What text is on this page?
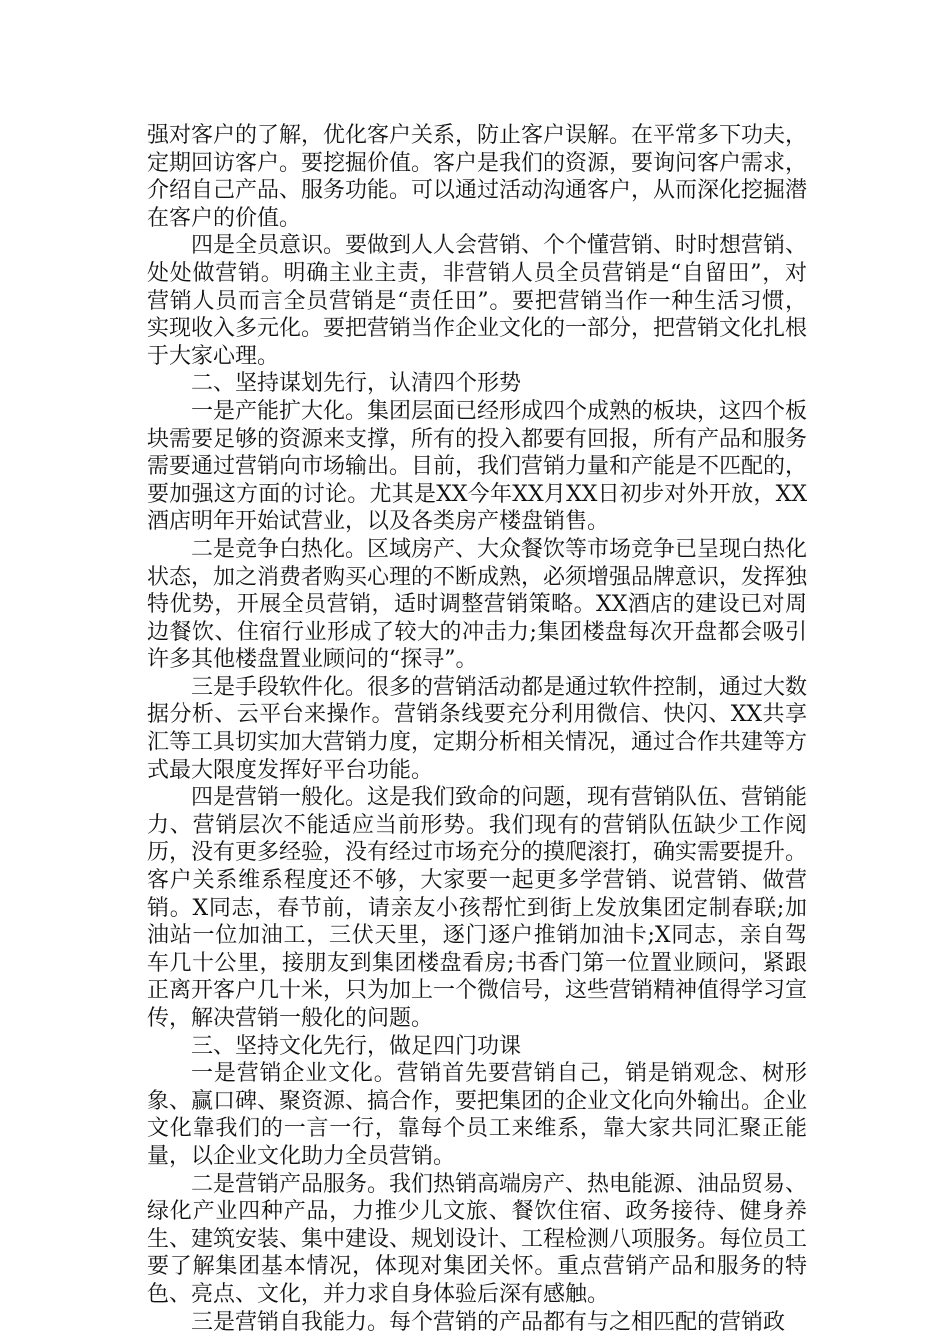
强对客户的了解，优化客户关系，防止客户误解。在平常多下功夫，定期回访客户。要挖掘价值。客户是我们的资源，要询问客户需求，介绍自己产品、服务功能。可以通过活动沟通客户，从而深化挖掘潜在客户的价值。

四是全员意识。要做到人人会营销、个个懂营销、时时想营销、处处做营销。明确主业主责，非营销人员全员营销是“自留田”，对营销人员而言全员营销是“责任田”。要把营销当作一种生活习惯，实现收入多元化。要把营销当作企业文化的一部分，把营销文化扎根于大家心理。

二、坚持谋划先行，认清四个形势

一是产能扩大化。集团层面已经形成四个成熟的板块，这四个板块需要足够的资源来支撑，所有的投入都要有回报，所有产品和服务需要通过营销向市场输出。目前，我们营销力量和产能是不匹配的，要加强这方面的讨论。尤其是XX今年XX月XX日初步对外开放，XX酒店明年开始试营业，以及各类房产楼盘销售。

二是竞争白热化。区域房产、大众餐饮等市场竞争已呈现白热化状态，加之消费者购买心理的不断成熟，必须增强品牌意识，发挥独特优势，开展全员营销，适时调整营销策略。XX酒店的建设已对周边餐饮、住宿行业形成了较大的冲击力;集团楼盘每次开盘都会吸引许多其他楼盘置业顾问的“探寻”。

三是手段软件化。很多的营销活动都是通过软件控制，通过大数据分析、云平台来操作。营销条线要充分利用微信、快闪、XX共享汇等工具切实加大营销力度，定期分析相关情况，通过合作共建等方式最大限度发挥好平台功能。

四是营销一般化。这是我们致命的问题，现有营销队伍、营销能力、营销层次不能适应当前形势。我们现有的营销队伍缺少工作阅历，没有更多经验，没有经过市场充分的摸爬滚打，确实需要提升。客户关系维系程度还不够，大家要一起更多学营销、说营销、做营销。X同志，春节前，请亲友小孩帮忙到街上发放集团定制春联;加油站一位加油工，三伏天里，逐门逐户推销加油卡;X同志，亲自驾车几十公里，接朋友到集团楼盘看房;书香门第一位置业顾问，紧跟正离开客户几十米，只为加上一个微信号，这些营销精神值得学习宣传，解决营销一般化的问题。

三、坚持文化先行，做足四门功课

一是营销企业文化。营销首先要营销自己，销是销观念、树形象、赢口碑、聚资源、搞合作，要把集团的企业文化向外输出。企业文化靠我们的一言一行，靠每个员工来维系，靠大家共同汇聚正能量，以企业文化助力全员营销。

二是营销产品服务。我们热销高端房产、热电能源、油品贸易、绿化产业四种产品，力推少儿文旅、餐饮住宿、政务接待、健身养生、建筑安装、集中建设、规划设计、工程检测八项服务。每位员工要了解集团基本情况，体现对集团关怀。重点营销产品和服务的特色、亮点、文化，并力求自身体验后深有感触。

三是营销自我能力。每个营销的产品都有与之相匹配的营销政
